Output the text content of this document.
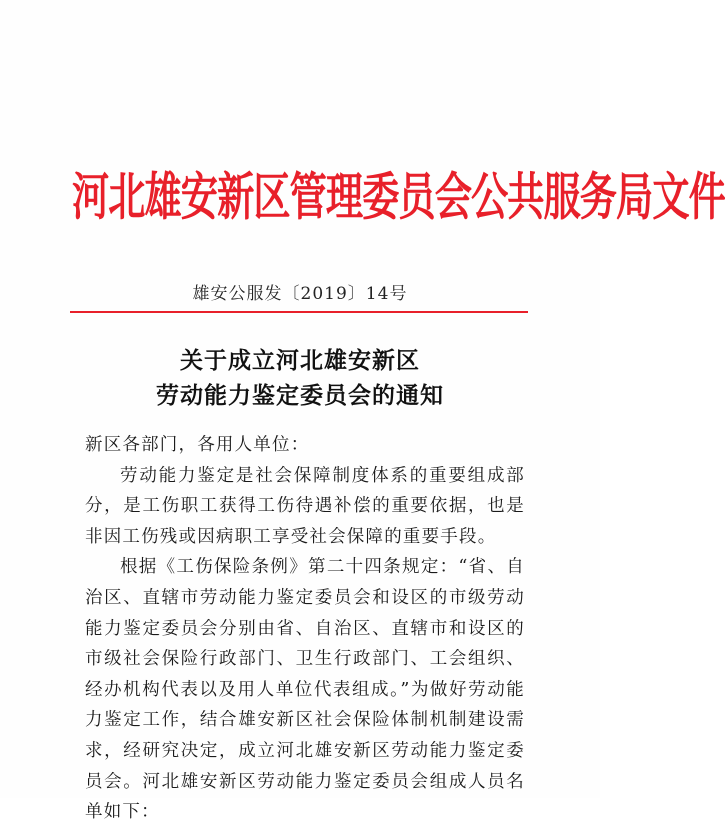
河北雄安新区管理委员会公共服务局文件
雄安公服发〔2019〕14号
关于成立河北雄安新区
劳动能力鉴定委员会的通知

新区各部门，各用人单位：

劳动能力鉴定是社会保障制度体系的重要组成部分，是工伤职工获得工伤待遇补偿的重要依据，也是非因工伤残或因病职工享受社会保障的重要手段。

根据《工伤保险条例》第二十四条规定：“省、自治区、直辖市劳动能力鉴定委员会和设区的市级劳动能力鉴定委员会分别由省、自治区、直辖市和设区的市级社会保险行政部门、卫生行政部门、工会组织、经办机构代表以及用人单位代表组成。”为做好劳动能力鉴定工作，结合雄安新区社会保险体制机制建设需求，经研究决定，成立河北雄安新区劳动能力鉴定委员会。河北雄安新区劳动能力鉴定委员会组成人员名单如下：
